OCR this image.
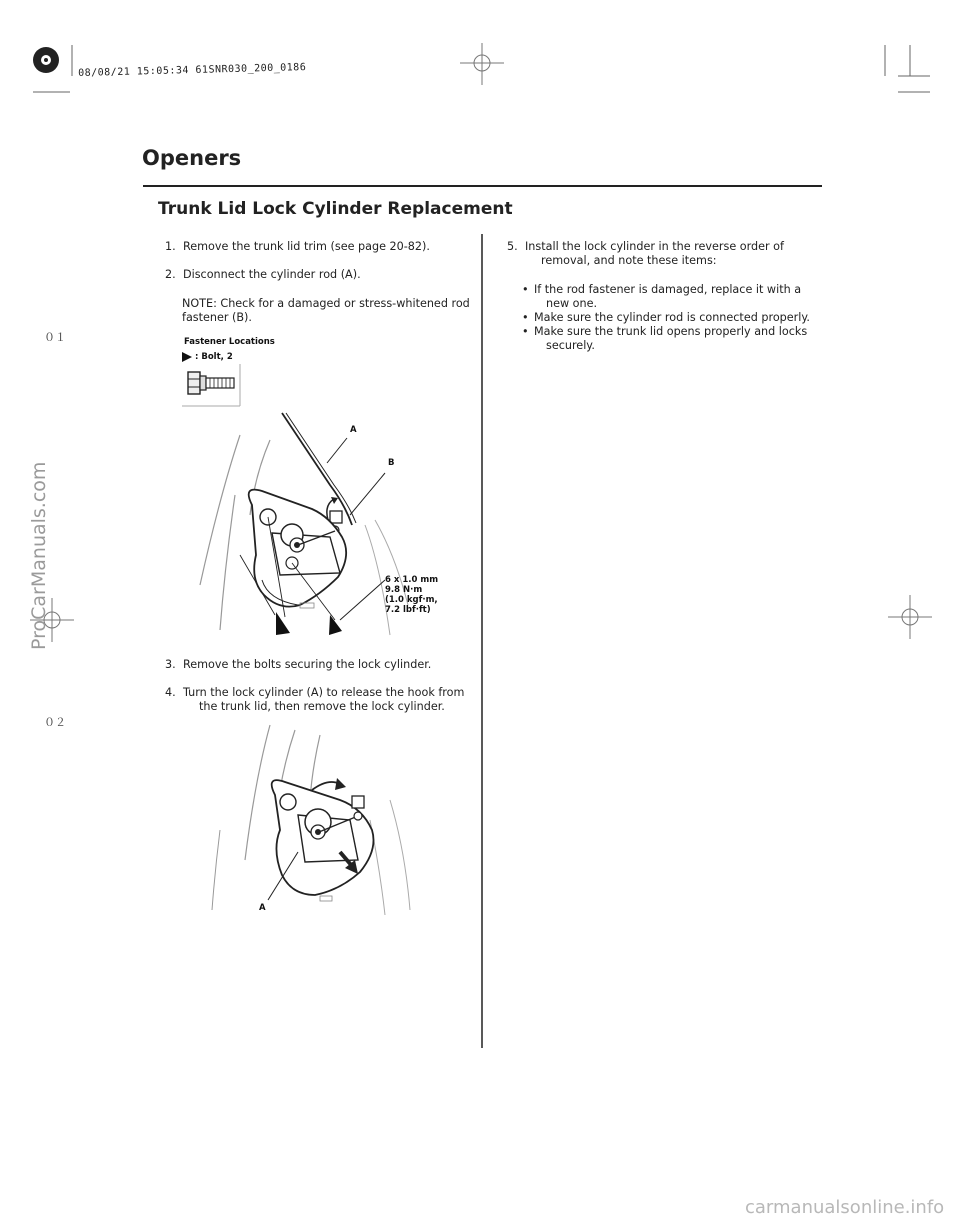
08/08/21 15:05:34 61SNR030_200_0186
Openers
Trunk Lid Lock Cylinder Replacement
０１
０２
ProCarManuals.com
1. Remove the trunk lid trim (see page 20-82).
2. Disconnect the cylinder rod (A).
NOTE: Check for a damaged or stress-whitened rod
fastener (B).
Fastener Locations
: Bolt, 2
A
B
6 x 1.0 mm
9.8 N·m
(1.0 kgf·m,
7.2 lbf·ft)
3. Remove the bolts securing the lock cylinder.
4. Turn the lock cylinder (A) to release the hook from
the trunk lid, then remove the lock cylinder.
A
5. Install the lock cylinder in the reverse order of
removal, and note these items:
• If the rod fastener is damaged, replace it with a
new one.
• Make sure the cylinder rod is connected properly.
• Make sure the trunk lid opens properly and locks
securely.
carmanualsonline.info
